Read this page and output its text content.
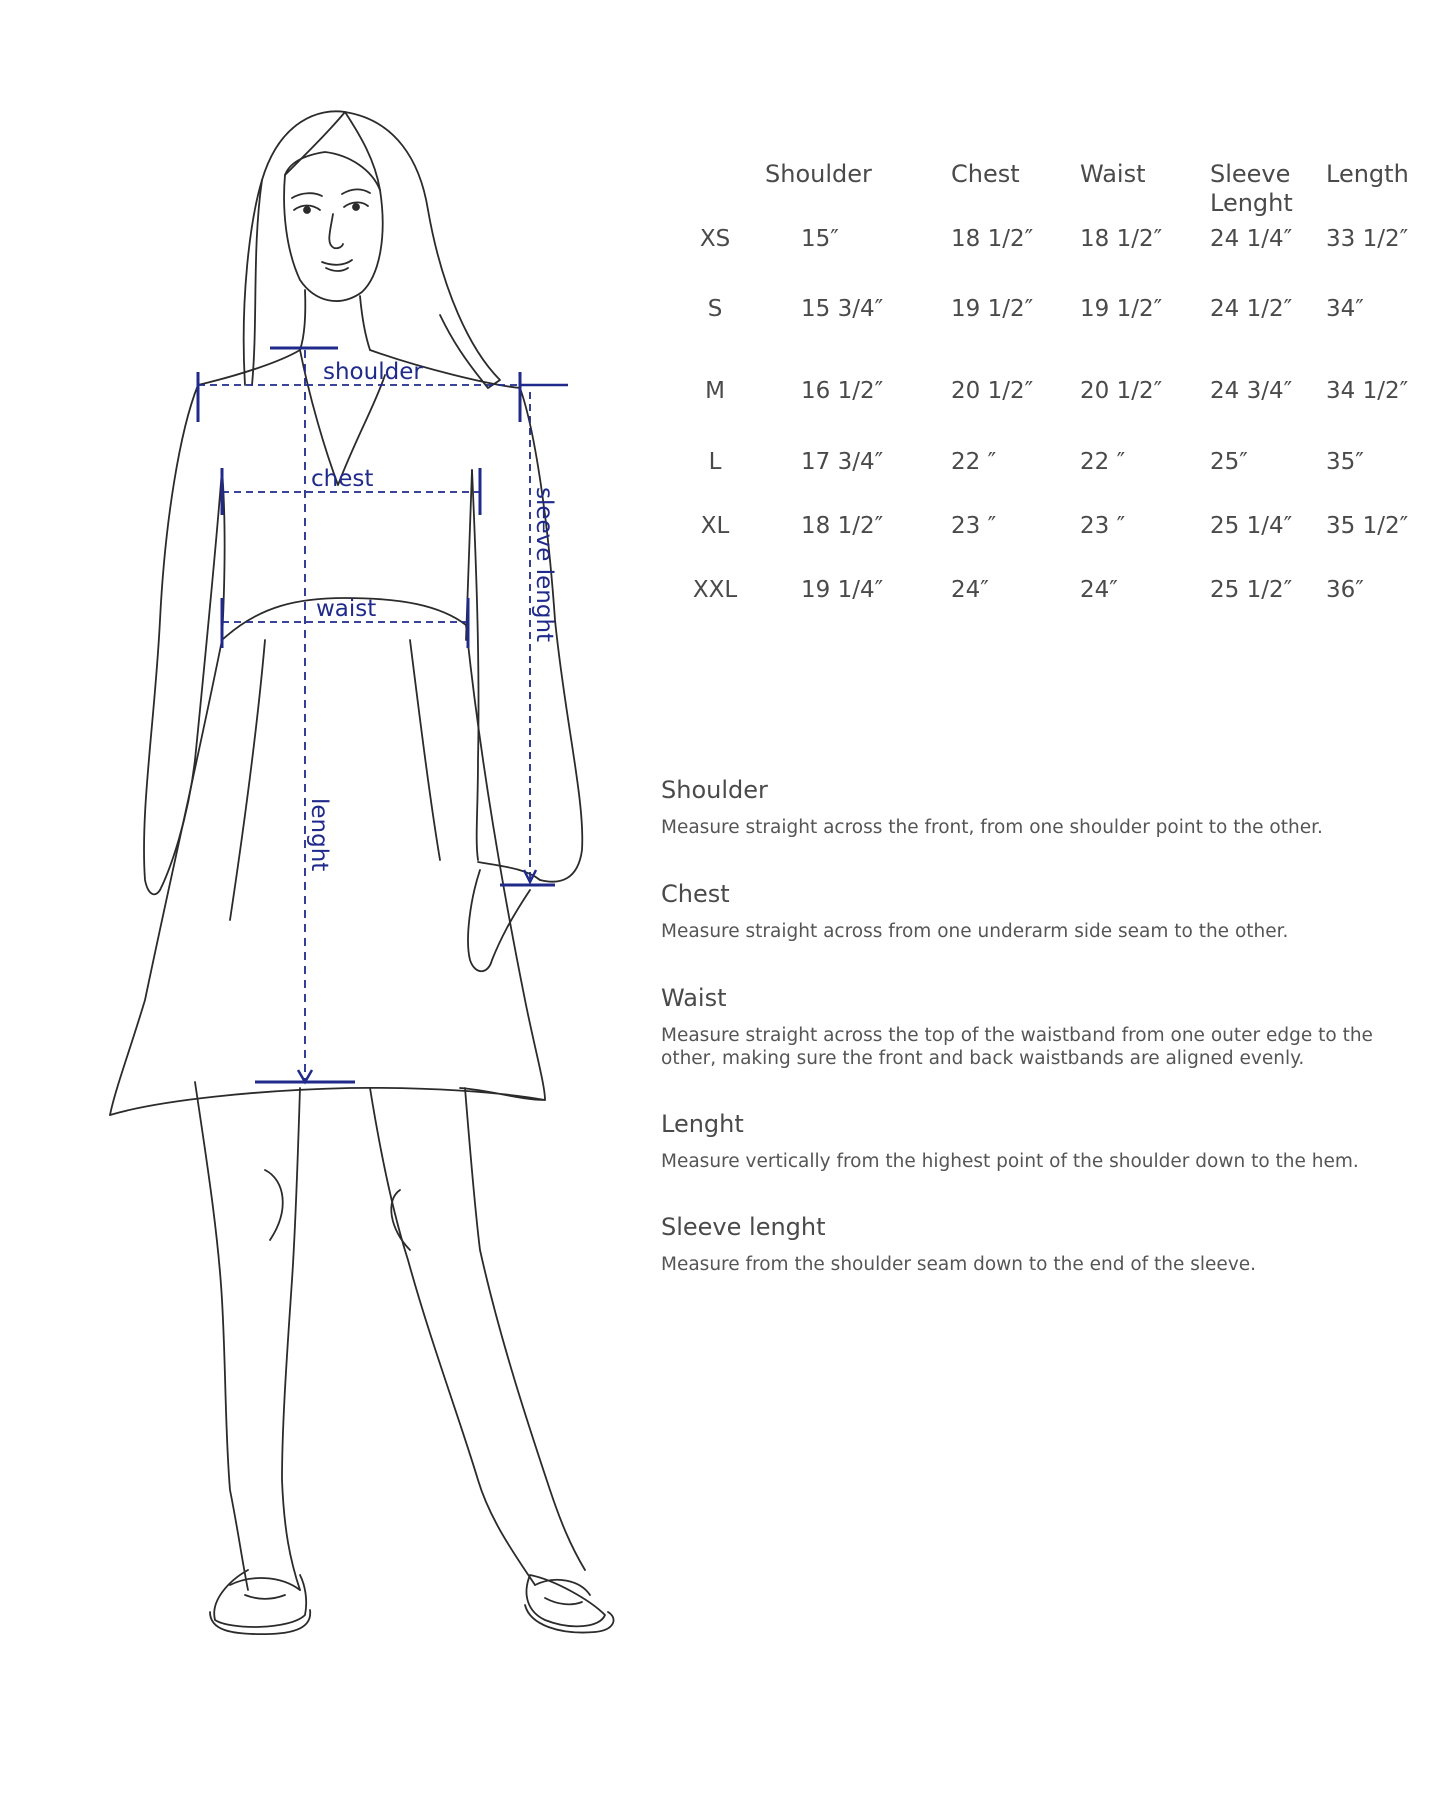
shoulder
chest
waist
lenght
sleeve lenght
	Shoulder	Chest	Waist	Sleeve
Lenght	Length
XS	15″	18 1/2″	18 1/2″	24 1/4″	33 1/2″
S	15 3/4″	19 1/2″	19 1/2″	24 1/2″	34″
M	16 1/2″	20 1/2″	20 1/2″	24 3/4″	34 1/2″
L	17 3/4″	22 ″	22 ″	25″	35″
XL	18 1/2″	23 ″	23 ″	25 1/4″	35 1/2″
XXL	19 1/4″	24″	24″	25 1/2″	36″

Shoulder

Measure straight across the front, from one shoulder point to the other.

Chest

Measure straight across from one underarm side seam to the other.

Waist

Measure straight across the top of the waistband from one outer edge to the other, making sure the front and back waistbands are aligned evenly.

Lenght

Measure vertically from the highest point of the shoulder down to the hem.

Sleeve lenght

Measure from the shoulder seam down to the end of the sleeve.
